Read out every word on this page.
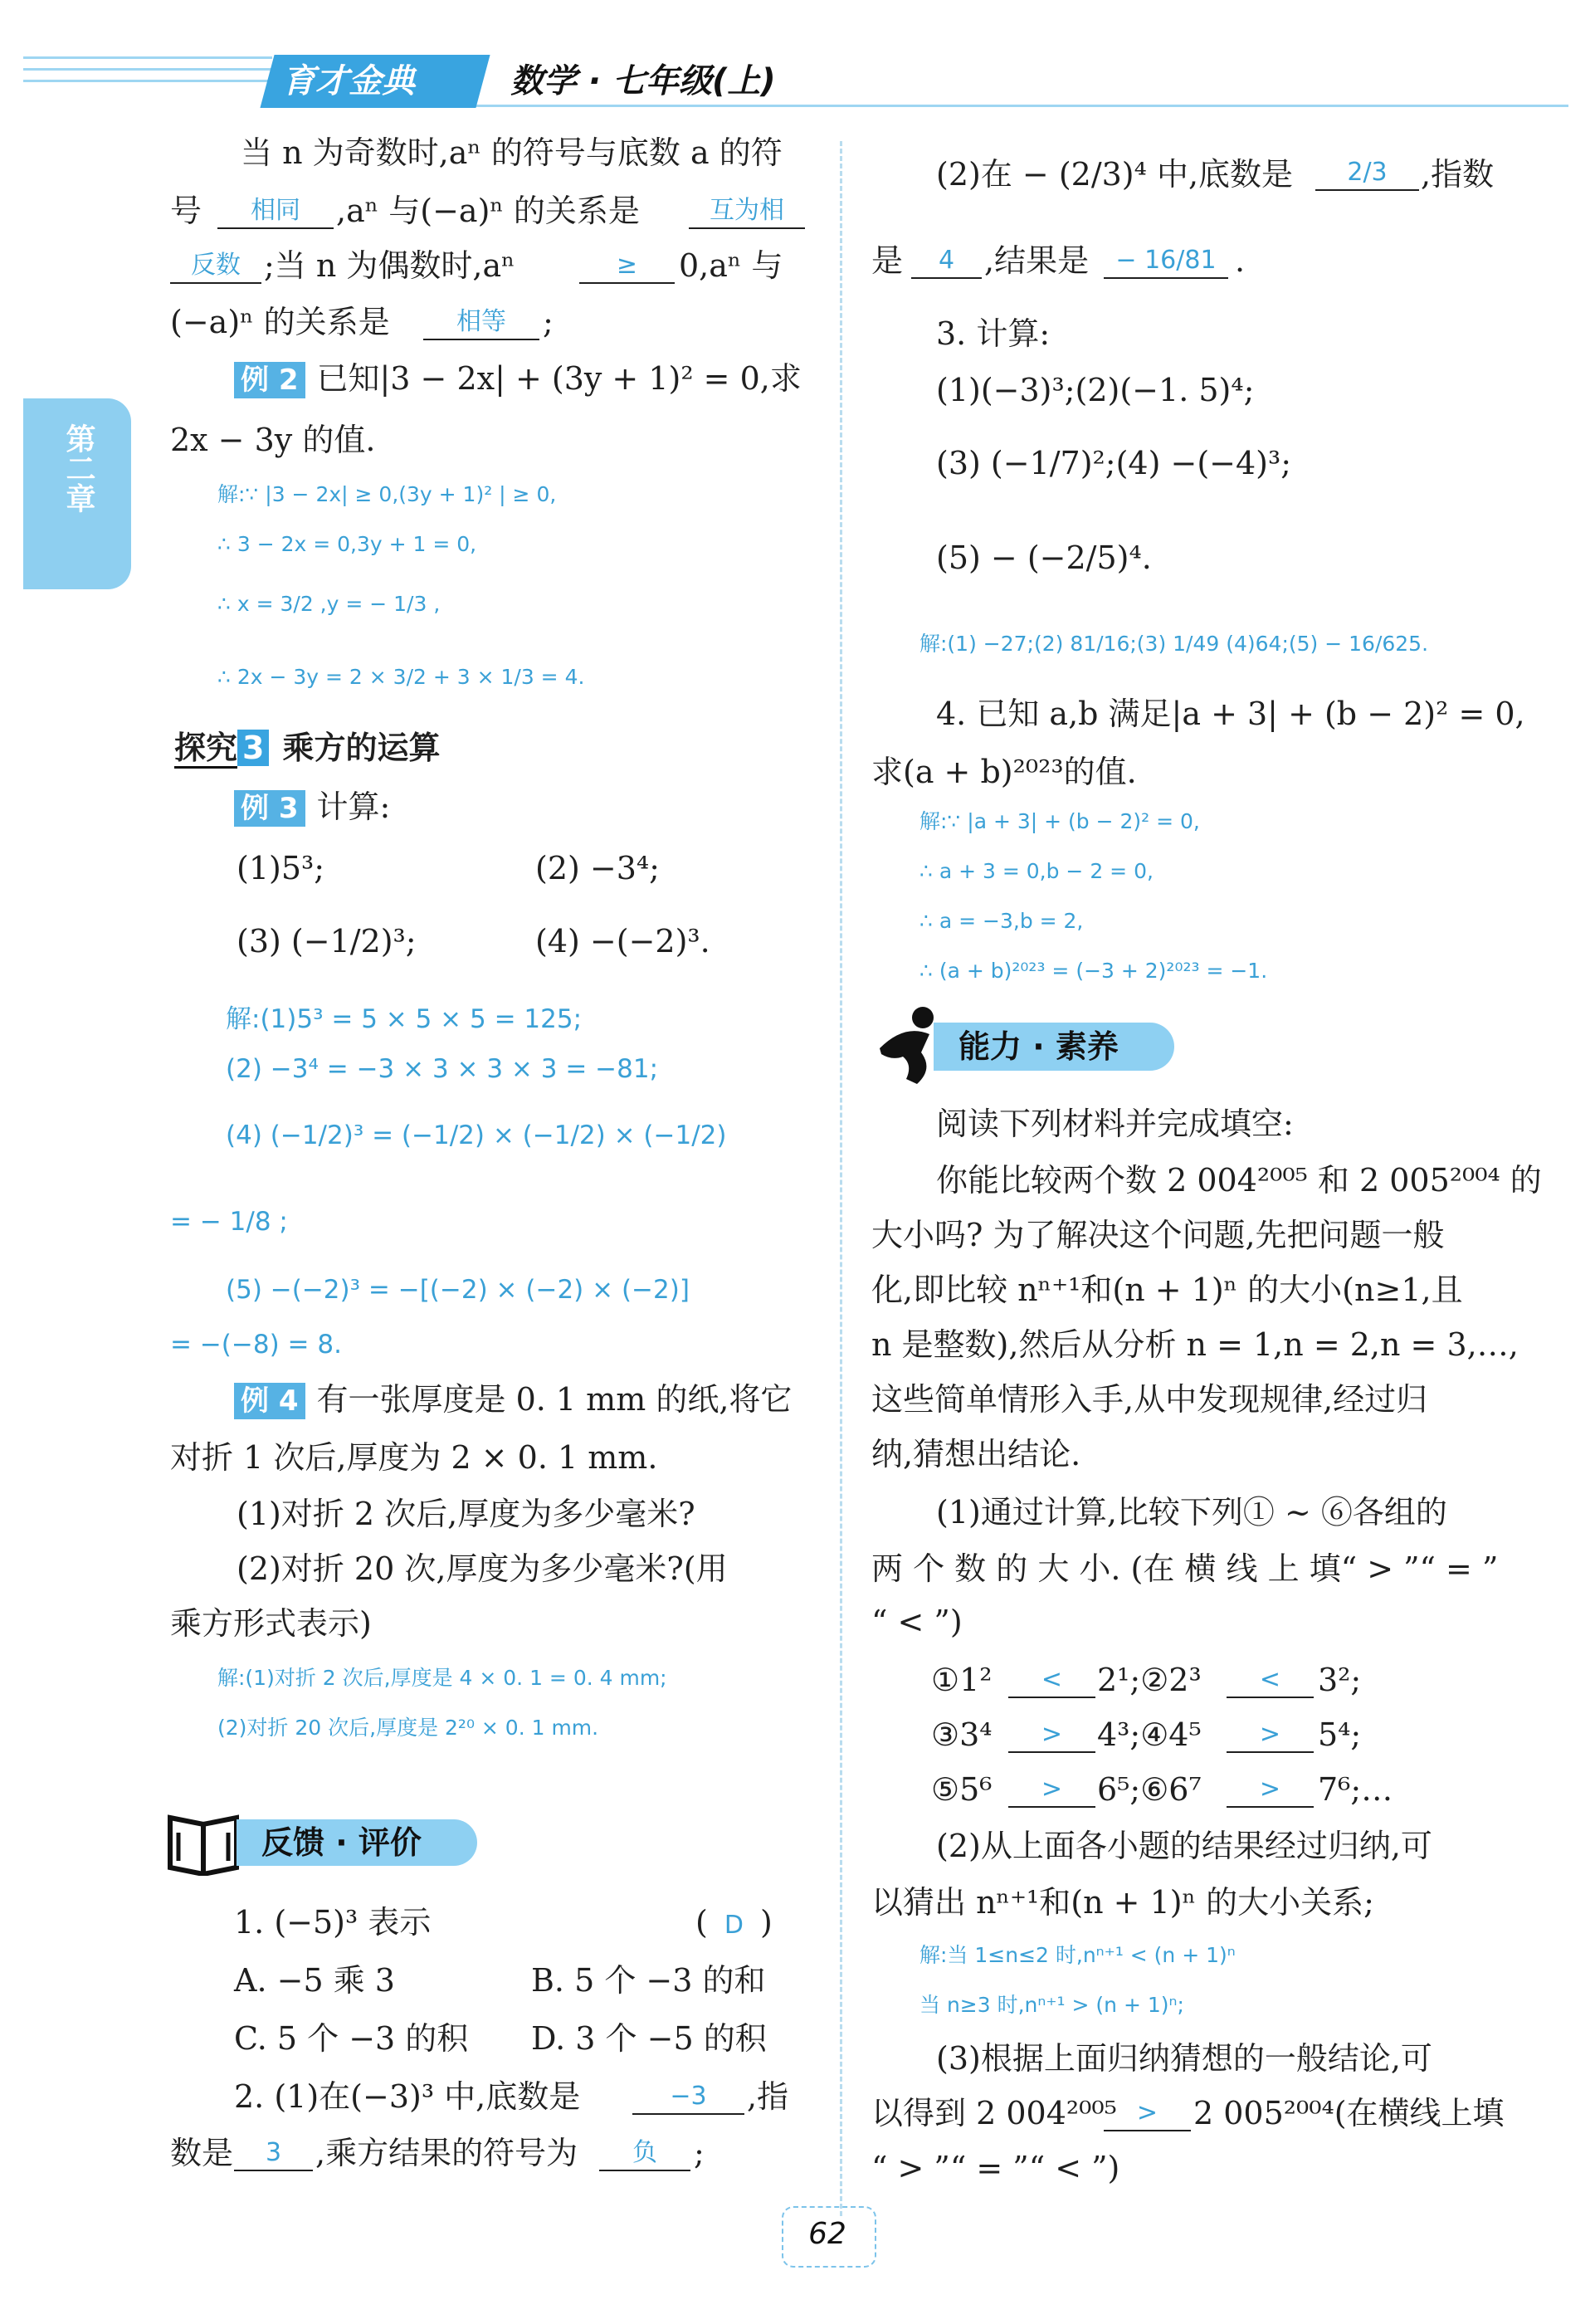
育才金典	数学 · 七年级(上)
第二章
当 n 为奇数时,aⁿ 的符号与底数 a 的符
号	相同	,aⁿ 与(−a)ⁿ 的关系是	互为相
反数 ;当 n 为偶数时,aⁿ	≥	0,aⁿ 与
(−a)ⁿ 的关系是	相等	;
例 2 已知|3 − 2x| + (3y + 1)² = 0,求
2x − 3y 的值.
解:∵ |3 − 2x| ≥ 0,(3y + 1)² | ≥ 0,
∴ 3 − 2x = 0,3y + 1 = 0,
∴ x = 3/2 ,y = − 1/3 ,
∴ 2x − 3y = 2 × 3/2 + 3 × 1/3 = 4.
探究 3 乘方的运算
例 3 计算:
(1)5³;	(2) −3⁴;
(3) (−1/2)³;	(4) −(−2)³.
解:(1)5³ = 5 × 5 × 5 = 125;
(2) −3⁴ = −3 × 3 × 3 × 3 = −81;
(4) (−1/2)³ = (−1/2) × (−1/2) × (−1/2)
= − 1/8 ;
(5) −(−2)³ = −[(−2) × (−2) × (−2)]
= −(−8) = 8.
例 4 有一张厚度是 0. 1 mm 的纸,将它
对折 1 次后,厚度为 2 × 0. 1 mm.
(1)对折 2 次后,厚度为多少毫米?
(2)对折 20 次,厚度为多少毫米?(用
乘方形式表示)
解:(1)对折 2 次后,厚度是 4 × 0. 1 = 0. 4 mm;
(2)对折 20 次后,厚度是 2²⁰ × 0. 1 mm.
反馈 · 评价
1. (−5)³ 表示	( D )
A. −5 乘 3	B. 5 个 −3 的和
C. 5 个 −3 的积 D. 3 个 −5 的积
2. (1)在(−3)³ 中,底数是	−3	,指
数是	3	,乘方结果的符号为	负	;
(2)在 − (2/3)⁴ 中,底数是	2/3	,指数
是	4 ,结果是	− 16/81 .
3. 计算:
(1)(−3)³;(2)(−1. 5)⁴;
(3) (−1/7)²;(4) −(−4)³;
(5) − (−2/5)⁴.
解:(1) −27;(2) 81/16;(3) 1/49 (4)64;(5) − 16/625.
4. 已知 a,b 满足|a + 3| + (b − 2)² = 0,
求(a + b)²⁰²³的值.
解:∵ |a + 3| + (b − 2)² = 0,
∴ a + 3 = 0,b − 2 = 0,
∴ a = −3,b = 2,
∴ (a + b)²⁰²³ = (−3 + 2)²⁰²³ = −1.
能力 · 素养
阅读下列材料并完成填空:
你能比较两个数 2 004²⁰⁰⁵ 和 2 005²⁰⁰⁴ 的
大小吗? 为了解决这个问题,先把问题一般
化,即比较 nⁿ⁺¹和(n + 1)ⁿ 的大小(n≥1,且
n 是整数),然后从分析 n = 1,n = 2,n = 3,…,
这些简单情形入手,从中发现规律,经过归
纳,猜想出结论.
(1)通过计算,比较下列① ~ ⑥各组的
两 个 数 的 大 小. (在 横 线 上 填“ > ”“ = ”
“ < ”)
①1²	<	2¹;②2³	<	3²;
③3⁴	>	4³;④4⁵	>	5⁴;
⑤5⁶	>	6⁵;⑥6⁷	>	7⁶;…
(2)从上面各小题的结果经过归纳,可
以猜出 nⁿ⁺¹和(n + 1)ⁿ 的大小关系;
解:当 1≤n≤2 时,nⁿ⁺¹ < (n + 1)ⁿ
当 n≥3 时,nⁿ⁺¹ > (n + 1)ⁿ;
(3)根据上面归纳猜想的一般结论,可
以得到 2 004²⁰⁰⁵ >	2 005²⁰⁰⁴(在横线上填
“ > ”“ = ”“ < ”)
62
